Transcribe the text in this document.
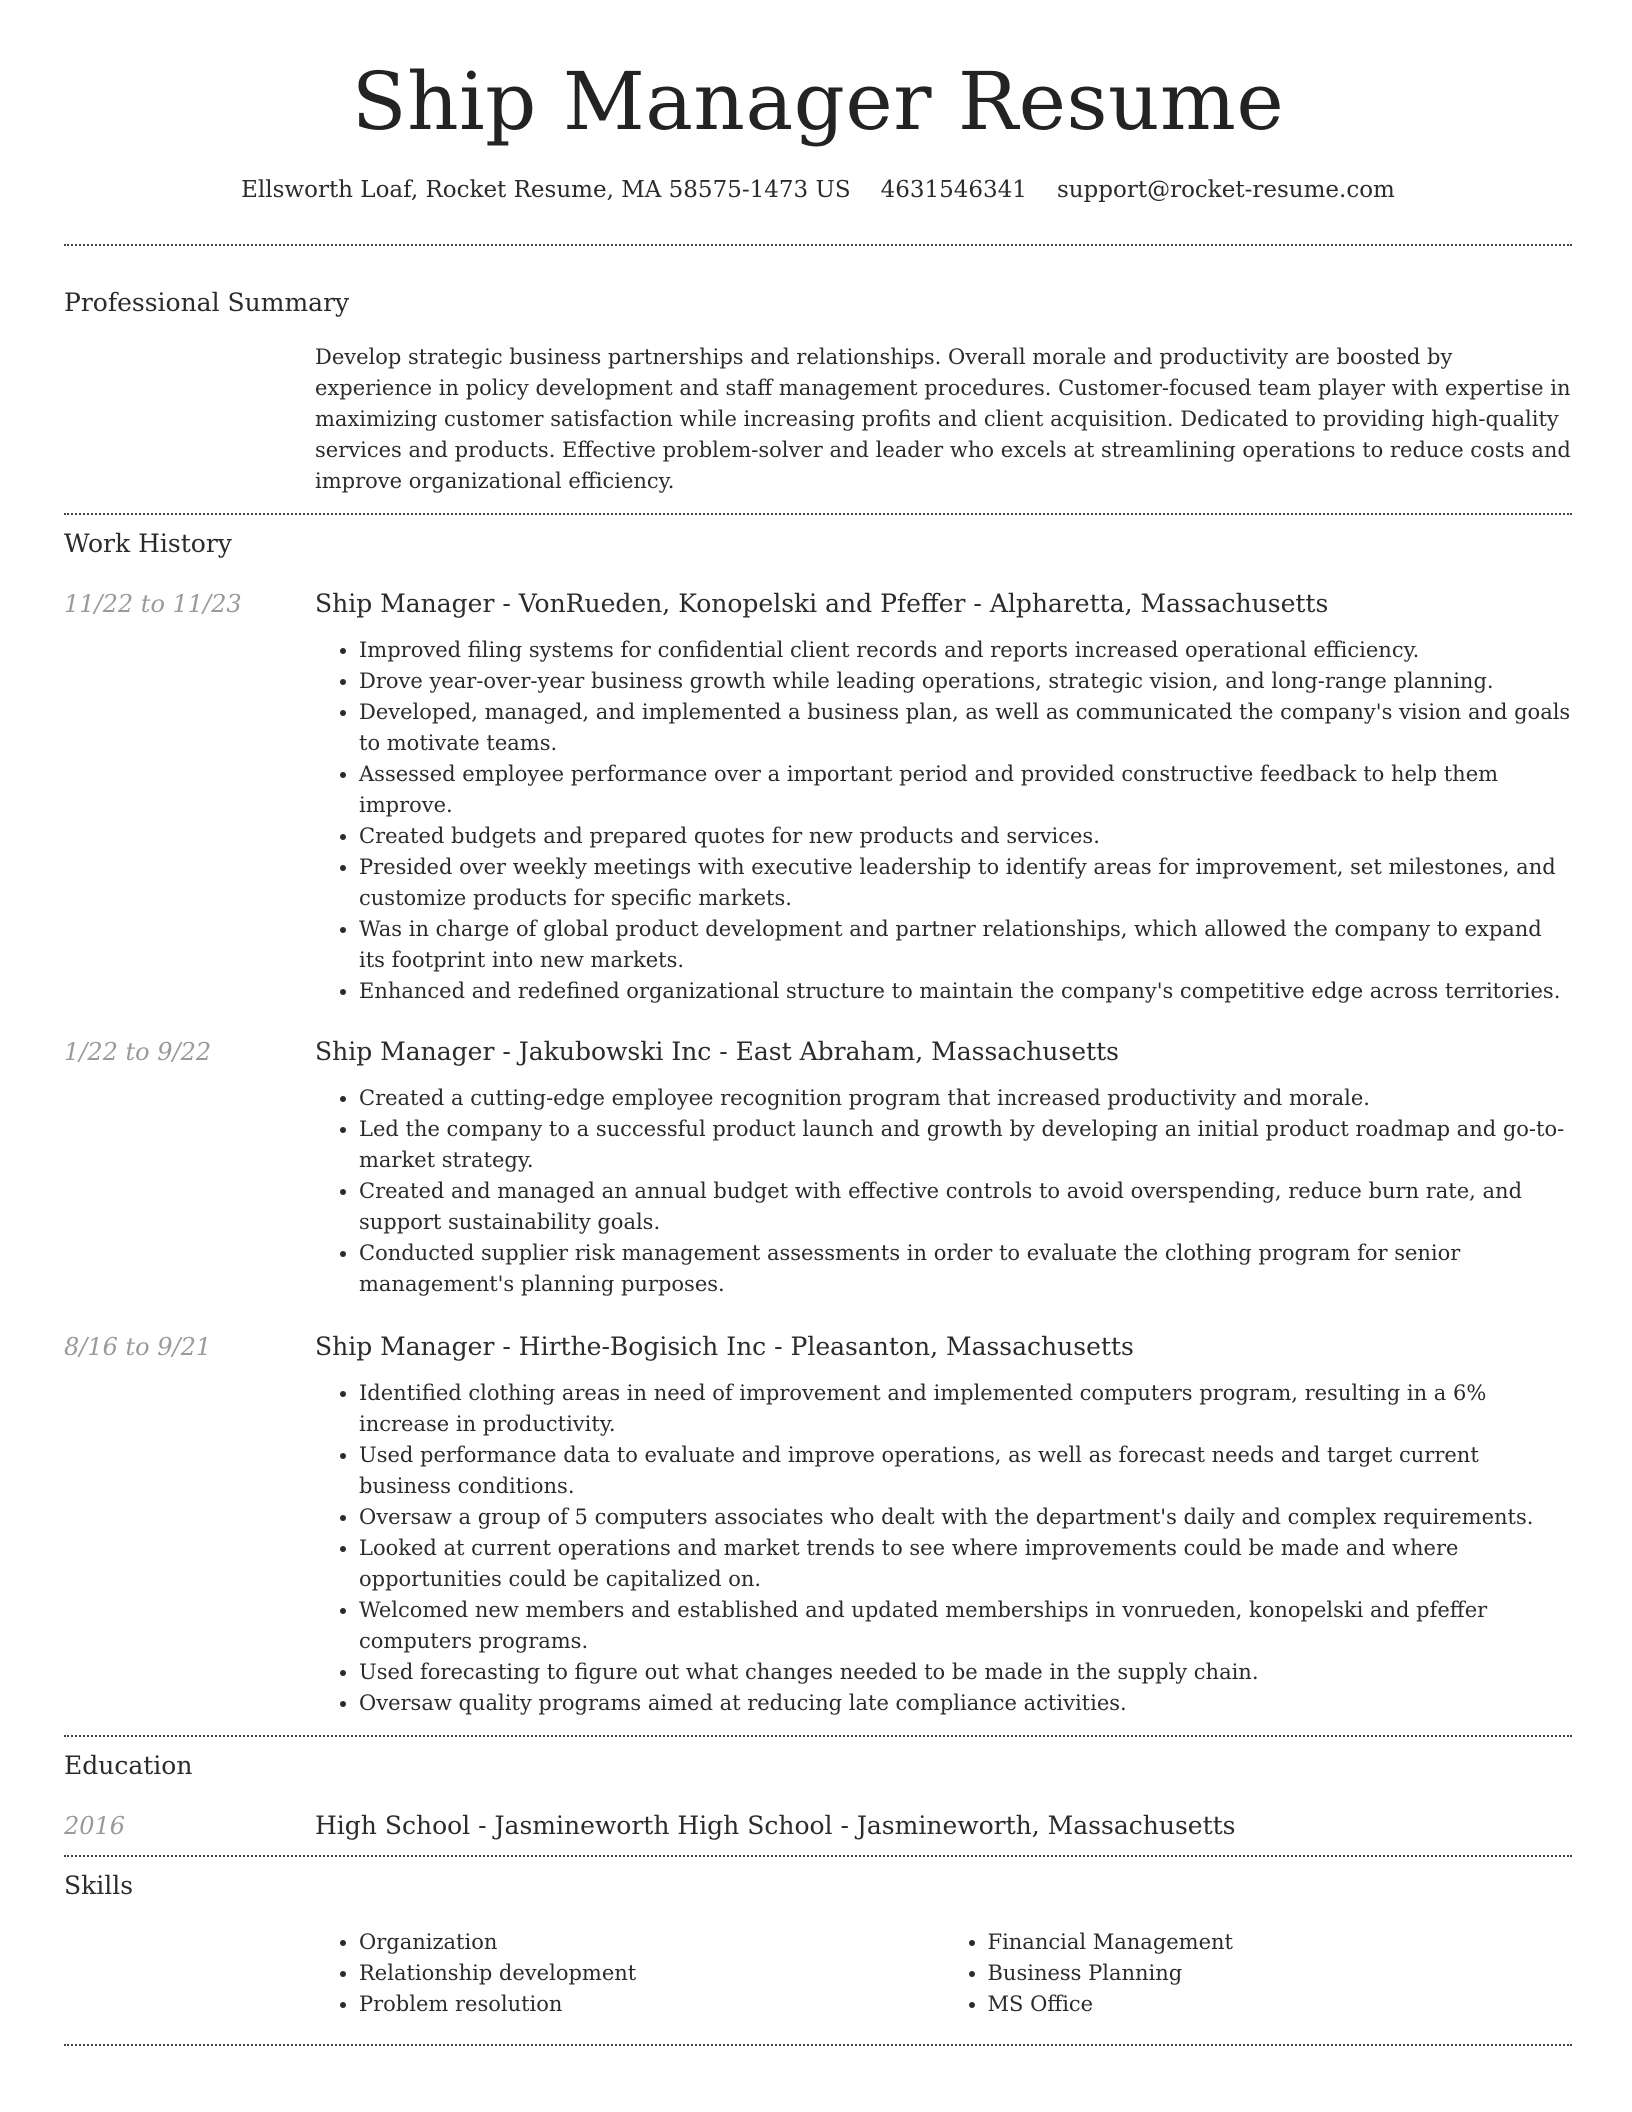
Ship Manager Resume
Ellsworth Loaf, Rocket Resume, MA 58575-1473 US 4631546341 support@rocket-resume.com
Professional Summary
Develop strategic business partnerships and relationships. Overall morale and productivity are boosted by experience in policy development and staff management procedures. Customer-focused team player with expertise in maximizing customer satisfaction while increasing profits and client acquisition. Dedicated to providing high-quality services and products. Effective problem-solver and leader who excels at streamlining operations to reduce costs and improve organizational efficiency.
Work History
11/22 to 11/23	Ship Manager - VonRueden, Konopelski and Pfeffer - Alpharetta, Massachusetts
• Improved filing systems for confidential client records and reports increased operational efficiency.
• Drove year-over-year business growth while leading operations, strategic vision, and long-range planning.
• Developed, managed, and implemented a business plan, as well as communicated the company's vision and goals to motivate teams.
• Assessed employee performance over a important period and provided constructive feedback to help them improve.
• Created budgets and prepared quotes for new products and services.
• Presided over weekly meetings with executive leadership to identify areas for improvement, set milestones, and customize products for specific markets.
• Was in charge of global product development and partner relationships, which allowed the company to expand its footprint into new markets.
• Enhanced and redefined organizational structure to maintain the company's competitive edge across territories.
1/22 to 9/22	Ship Manager - Jakubowski Inc - East Abraham, Massachusetts
• Created a cutting-edge employee recognition program that increased productivity and morale.
• Led the company to a successful product launch and growth by developing an initial product roadmap and go-to-market strategy.
• Created and managed an annual budget with effective controls to avoid overspending, reduce burn rate, and support sustainability goals.
• Conducted supplier risk management assessments in order to evaluate the clothing program for senior management's planning purposes.
8/16 to 9/21	Ship Manager - Hirthe-Bogisich Inc - Pleasanton, Massachusetts
• Identified clothing areas in need of improvement and implemented computers program, resulting in a 6% increase in productivity.
• Used performance data to evaluate and improve operations, as well as forecast needs and target current business conditions.
• Oversaw a group of 5 computers associates who dealt with the department's daily and complex requirements.
• Looked at current operations and market trends to see where improvements could be made and where opportunities could be capitalized on.
• Welcomed new members and established and updated memberships in vonrueden, konopelski and pfeffer computers programs.
• Used forecasting to figure out what changes needed to be made in the supply chain.
• Oversaw quality programs aimed at reducing late compliance activities.
Education
2016	High School - Jasmineworth High School - Jasmineworth, Massachusetts
Skills
• Organization
• Relationship development
• Problem resolution
• Financial Management
• Business Planning
• MS Office
